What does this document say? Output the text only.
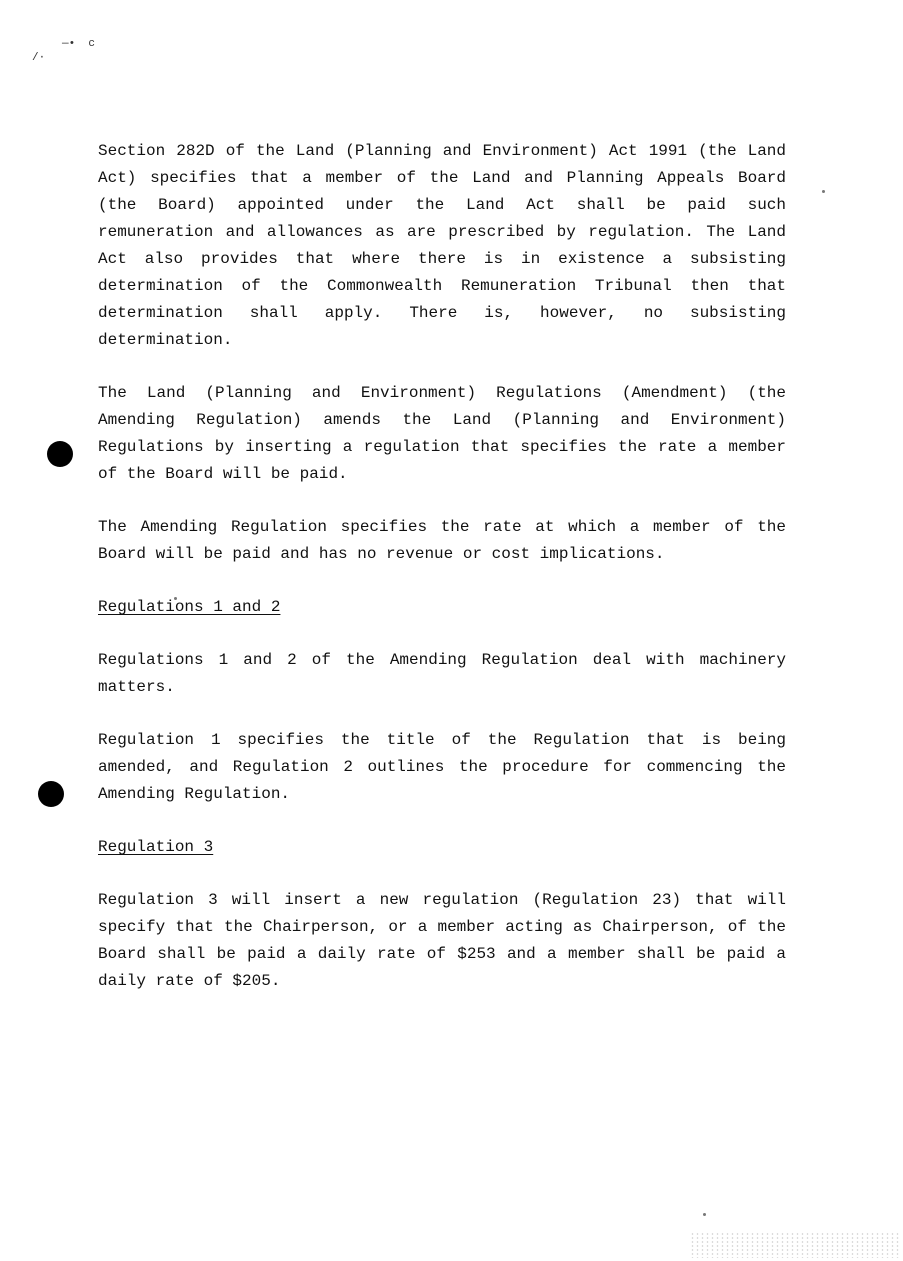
—•  c
/·

Section 282D of the Land (Planning and Environment) Act 1991 (the Land Act) specifies that a member of the Land and Planning Appeals Board (the Board) appointed under the Land Act shall be paid such remuneration and allowances as are prescribed by regulation. The Land Act also provides that where there is in existence a subsisting determination of the Commonwealth Remuneration Tribunal then that determination shall apply. There is, however, no subsisting determination.

The Land (Planning and Environment) Regulations (Amendment) (the Amending Regulation) amends the Land (Planning and Environment) Regulations by inserting a regulation that specifies the rate a member of the Board will be paid.

The Amending Regulation specifies the rate at which a member of the Board will be paid and has no revenue or cost implications.

Regulations 1 and 2

Regulations 1 and 2 of the Amending Regulation deal with machinery matters.

Regulation 1 specifies the title of the Regulation that is being amended, and Regulation 2 outlines the procedure for commencing the Amending Regulation.

Regulation 3

Regulation 3 will insert a new regulation (Regulation 23) that will specify that the Chairperson, or a member acting as Chairperson, of the Board shall be paid a daily rate of $253 and a member shall be paid a daily rate of $205.
